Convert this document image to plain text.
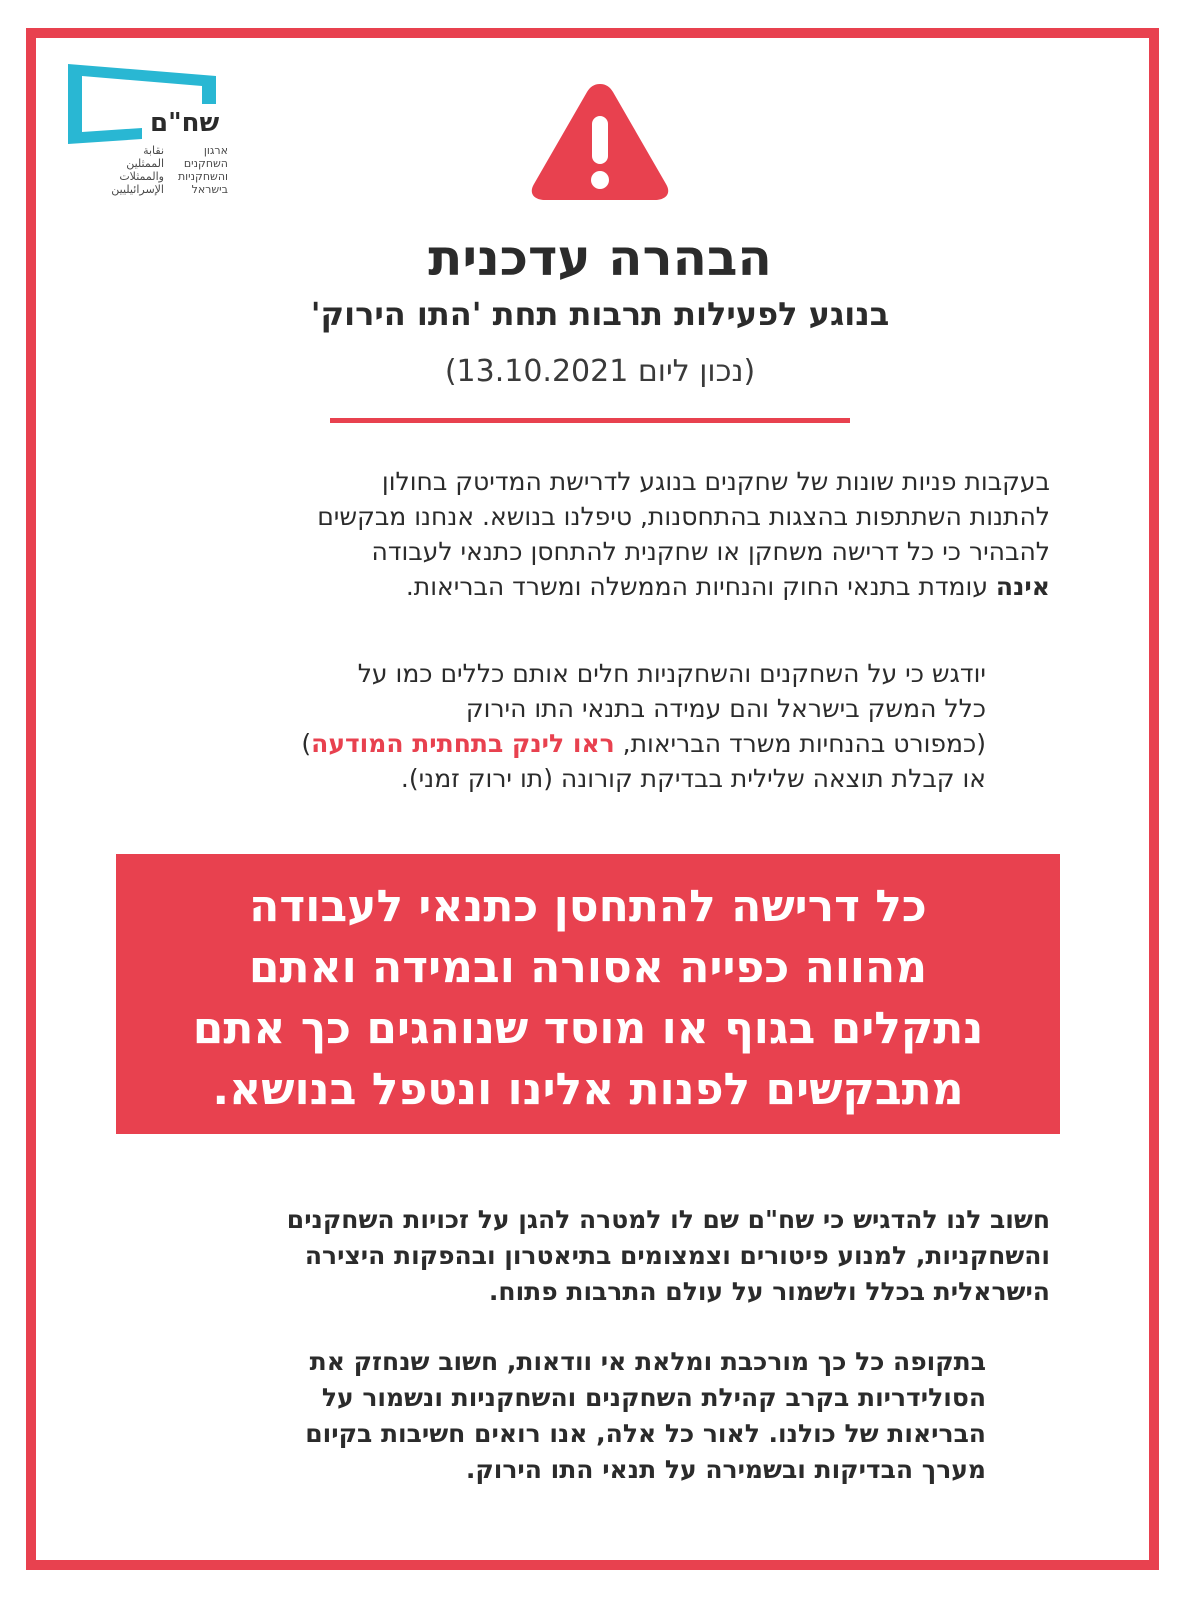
שח"ם
ארגון
השחקנים
והשחקניות
בישראל
نقابة
الممثلين
والممثلات
الإسرائيليين
הבהרה עדכנית
בנוגע לפעילות תרבות תחת 'התו הירוק'
(נכון ליום 13.10.2021)

בעקבות פניות שונות של שחקנים בנוגע לדרישת המדיטק בחולון
להתנות השתתפות בהצגות בהתחסנות, טיפלנו בנושא. אנחנו מבקשים
להבהיר כי כל דרישה משחקן או שחקנית להתחסן כתנאי לעבודה
אינה עומדת בתנאי החוק והנחיות הממשלה ומשרד הבריאות.

יודגש כי על השחקנים והשחקניות חלים אותם כללים כמו על
כלל המשק בישראל והם עמידה בתנאי התו הירוק
(כמפורט בהנחיות משרד הבריאות, ראו לינק בתחתית המודעה)
או קבלת תוצאה שלילית בבדיקת קורונה (תו ירוק זמני).

כל דרישה להתחסן כתנאי לעבודה
מהווה כפייה אסורה ובמידה ואתם
נתקלים בגוף או מוסד שנוהגים כך אתם
מתבקשים לפנות אלינו ונטפל בנושא.

חשוב לנו להדגיש כי שח"ם שם לו למטרה להגן על זכויות השחקנים
והשחקניות, למנוע פיטורים וצמצומים בתיאטרון ובהפקות היצירה
הישראלית בכלל ולשמור על עולם התרבות פתוח.

בתקופה כל כך מורכבת ומלאת אי וודאות, חשוב שנחזק את
הסולידריות בקרב קהילת השחקנים והשחקניות ונשמור על
הבריאות של כולנו. לאור כל אלה, אנו רואים חשיבות בקיום
מערך הבדיקות ובשמירה על תנאי התו הירוק.
